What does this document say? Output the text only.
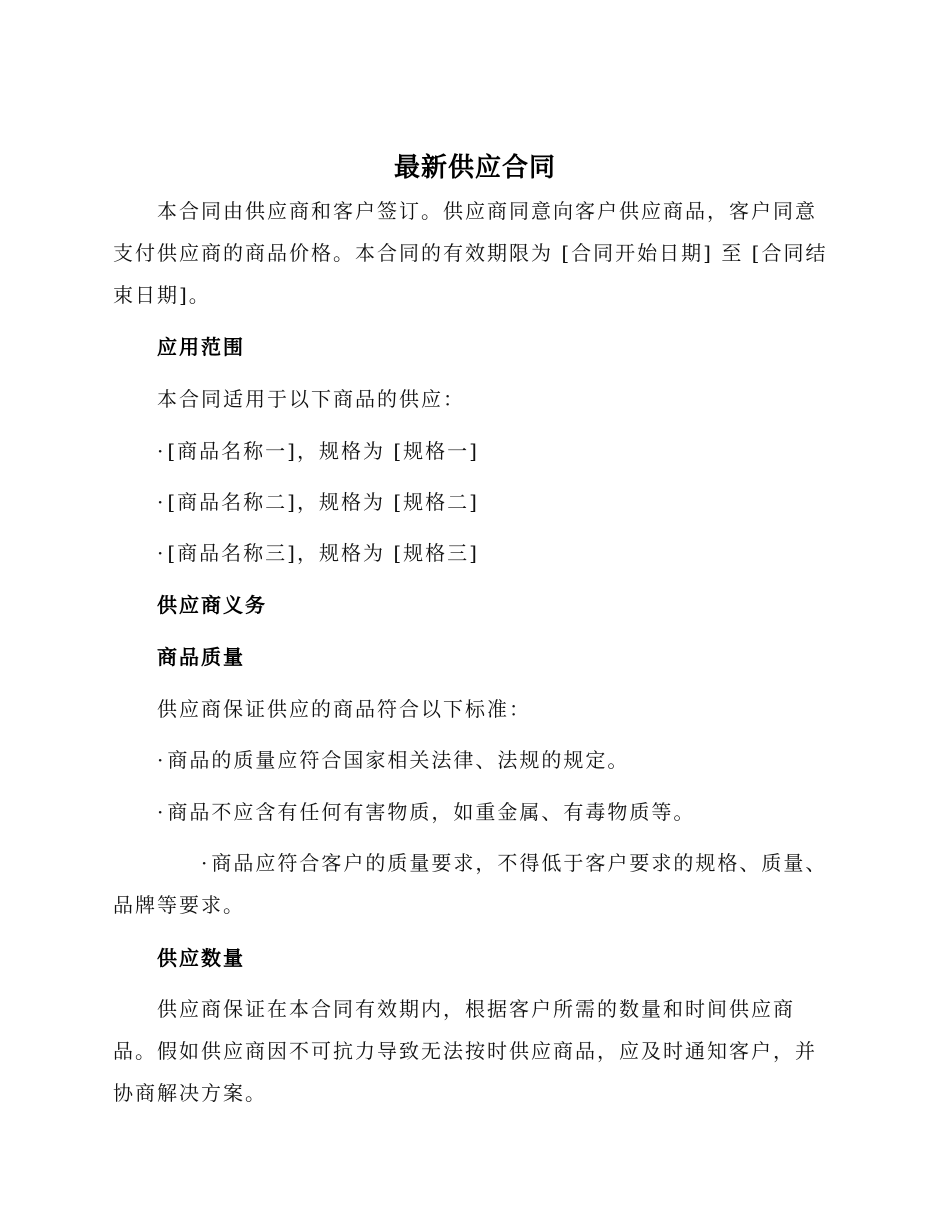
最新供应合同

本合同由供应商和客户签订。供应商同意向客户供应商品，客户同意支付供应商的商品价格。本合同的有效期限为 [合同开始日期] 至 [合同结束日期]。

应用范围
本合同适用于以下商品的供应：
· [商品名称一]，规格为 [规格一]
· [商品名称二]，规格为 [规格二]
· [商品名称三]，规格为 [规格三]
供应商义务
商品质量
供应商保证供应的商品符合以下标准：
· 商品的质量应符合国家相关法律、法规的规定。
· 商品不应含有任何有害物质，如重金属、有毒物质等。

· 商品应符合客户的质量要求，不得低于客户要求的规格、质量、品牌等要求。

供应数量

供应商保证在本合同有效期内，根据客户所需的数量和时间供应商品。假如供应商因不可抗力导致无法按时供应商品，应及时通知客户，并协商解决方案。
